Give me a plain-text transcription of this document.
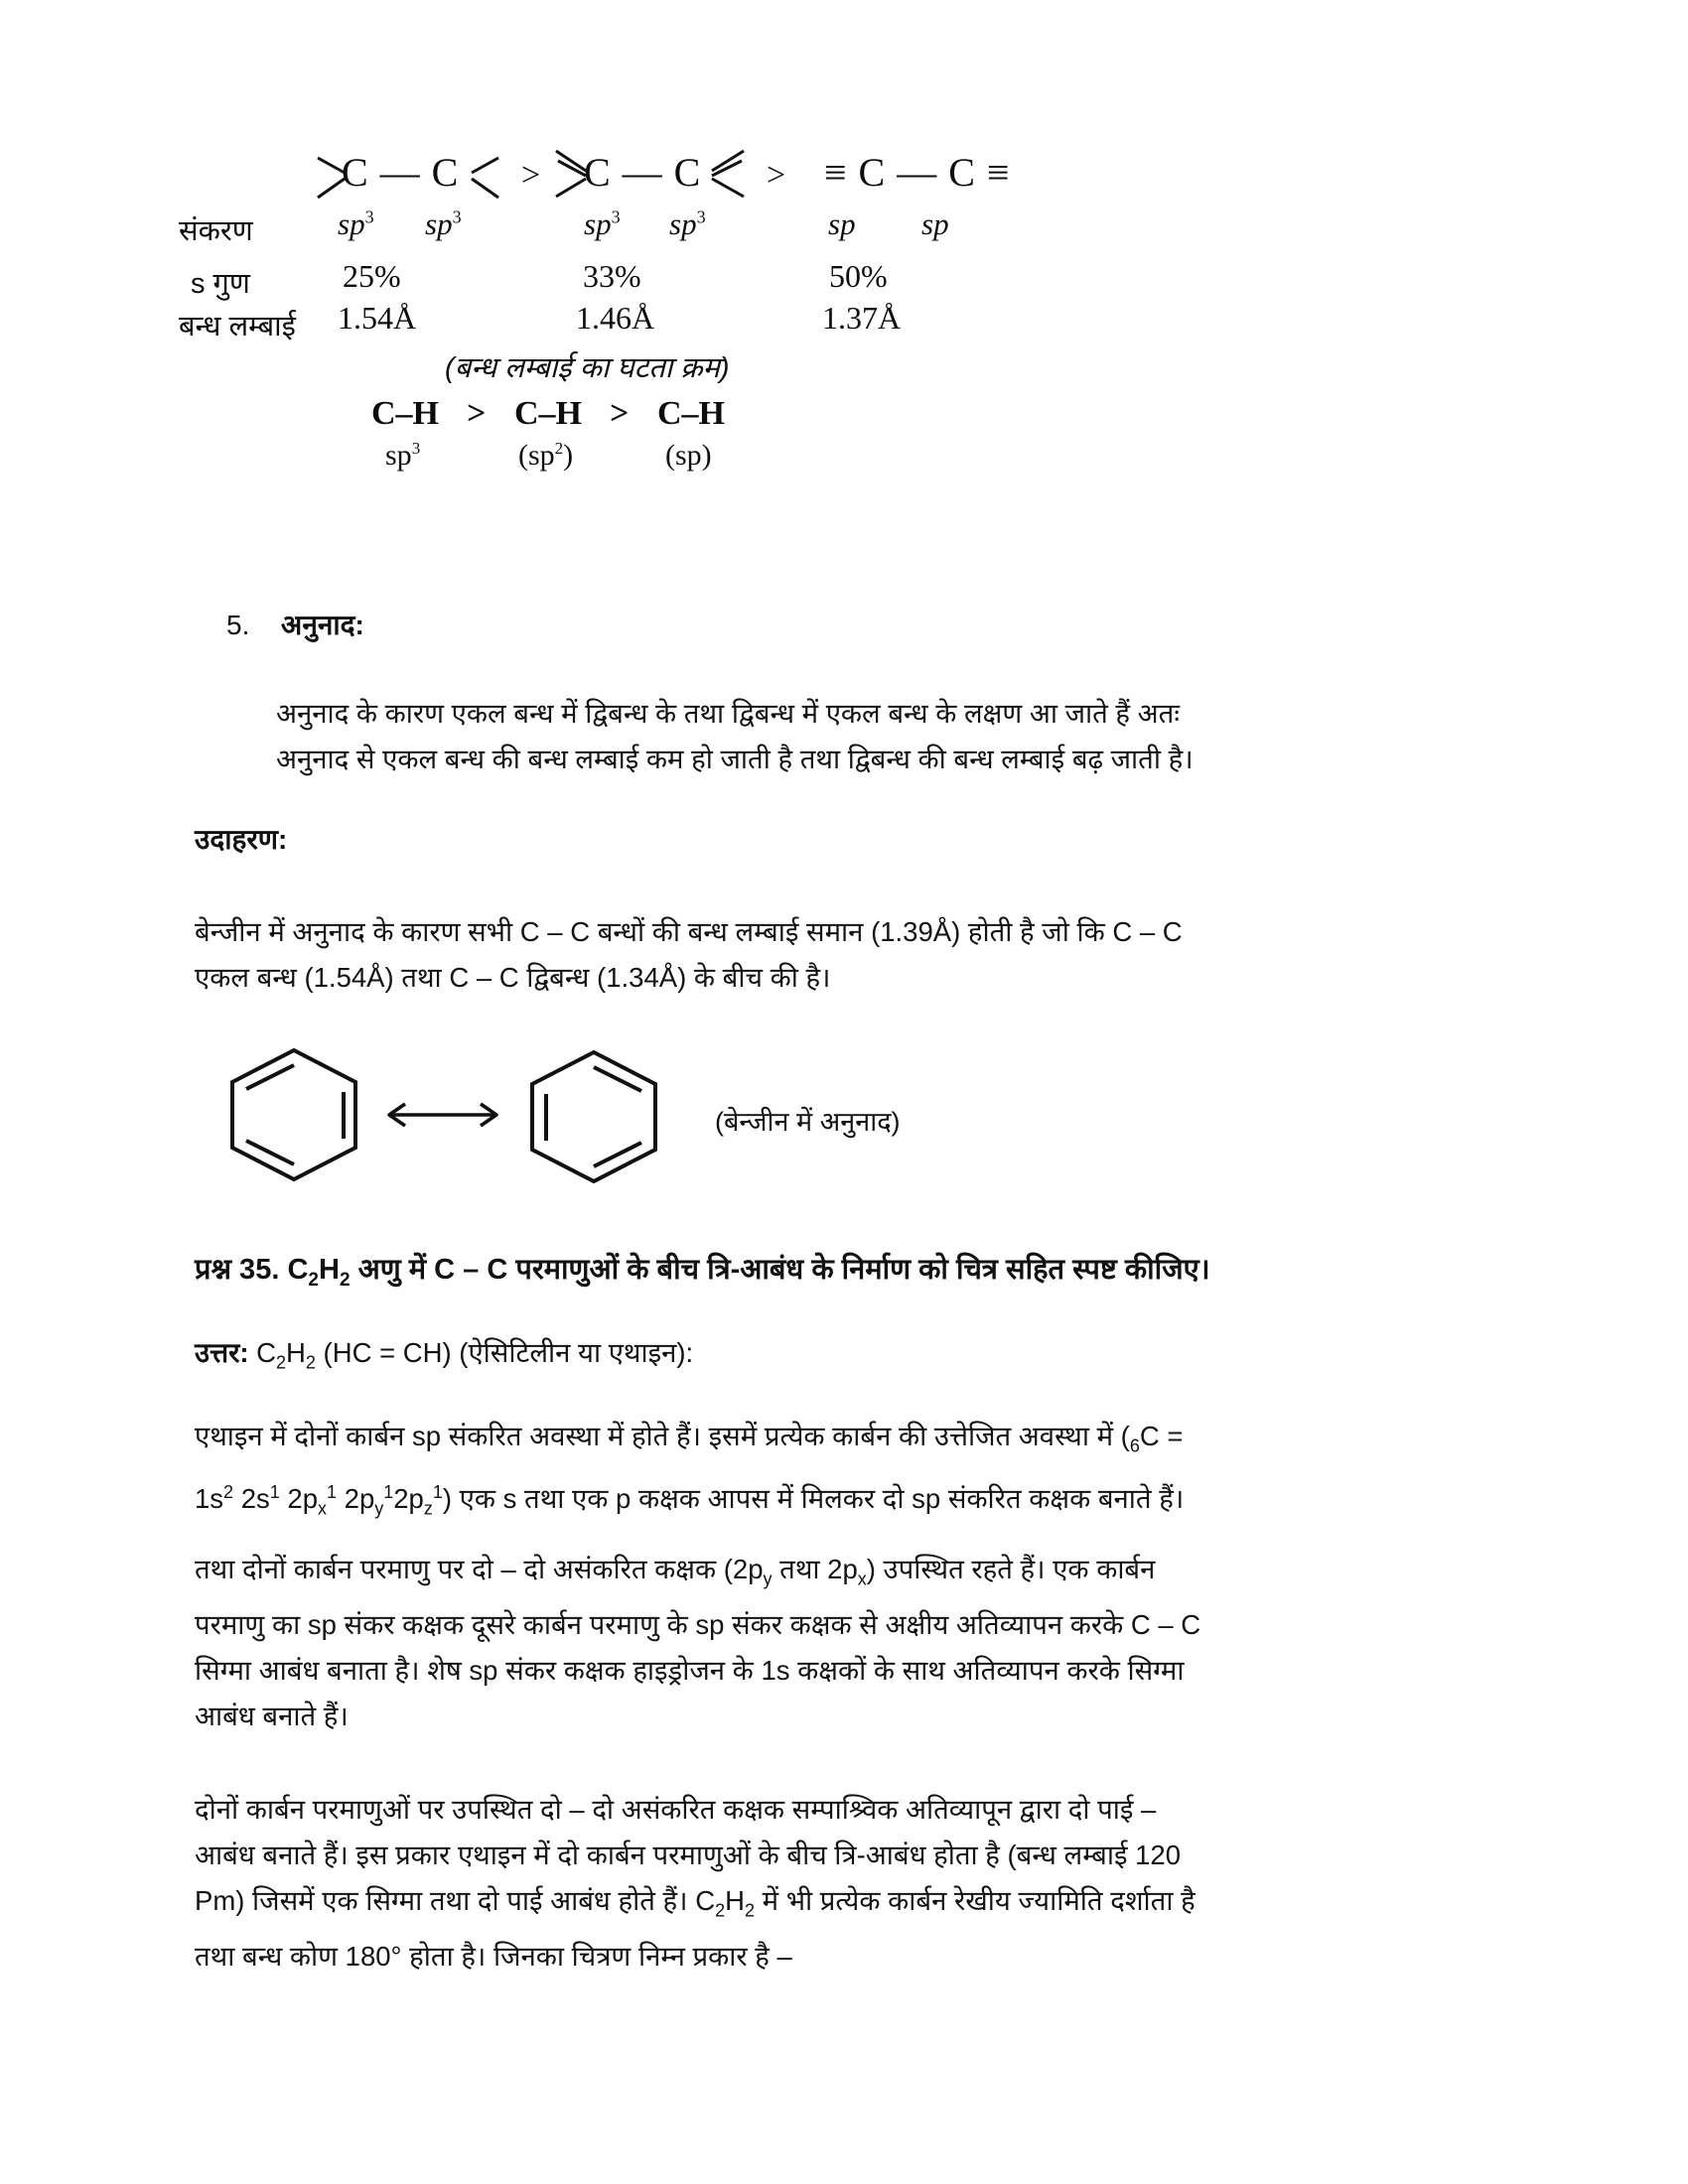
C — C > C — C > ≡ C — C ≡
संकरण	$sp^3$ $sp^3$	$sp^3$ $sp^3$	sp sp
s गुण	25%	33%	50%
बन्ध लम्बाई 1.54Å	1.46Å	1.37Å
(बन्ध लम्बाई का घटता क्रम)
C–H > C–H > C–H
$sp^3$	$(sp^2)$	(sp)
5. अनुनाद:
अनुनाद के कारण एकल बन्ध में द्विबन्ध के तथा द्विबन्ध में एकल बन्ध के लक्षण आ जाते हैं अतः
अनुनाद से एकल बन्ध की बन्ध लम्बाई कम हो जाती है तथा द्विबन्ध की बन्ध लम्बाई बढ़ जाती है।
उदाहरण:
बेन्जीन में अनुनाद के कारण सभी C – C बन्धों की बन्ध लम्बाई समान (1.39Å) होती है जो कि C – C
एकल बन्ध (1.54Å) तथा C – C द्विबन्ध (1.34Å) के बीच की है।
(बेन्जीन में अनुनाद)
प्रश्न 35. $C_2H_2$ अणु में C – C परमाणुओं के बीच त्रि-आबंध के निर्माण को चित्र सहित स्पष्ट कीजिए।
उत्तर: $C_2H_2$ (HC = CH) (ऐसिटिलीन या एथाइन):
एथाइन में दोनों कार्बन sp संकरित अवस्था में होते हैं। इसमें प्रत्येक कार्बन की उत्तेजित अवस्था में ($_6C$ =
$1s^2$ $2s^1$ $2p_x^1$ $2p_y^12p_z^1$) एक s तथा एक p कक्षक आपस में मिलकर दो sp संकरित कक्षक बनाते हैं।
तथा दोनों कार्बन परमाणु पर दो – दो असंकरित कक्षक ($2p_y$ तथा $2p_x$) उपस्थित रहते हैं। एक कार्बन
परमाणु का sp संकर कक्षक दूसरे कार्बन परमाणु के sp संकर कक्षक से अक्षीय अतिव्यापन करके C – C
सिग्मा आबंध बनाता है। शेष sp संकर कक्षक हाइड्रोजन के 1s कक्षकों के साथ अतिव्यापन करके सिग्मा
आबंध बनाते हैं।
दोनों कार्बन परमाणुओं पर उपस्थित दो – दो असंकरित कक्षक सम्पाश्र्विक अतिव्यापून द्वारा दो पाई –
आबंध बनाते हैं। इस प्रकार एथाइन में दो कार्बन परमाणुओं के बीच त्रि-आबंध होता है (बन्ध लम्बाई 120
Pm) जिसमें एक सिग्मा तथा दो पाई आबंध होते हैं। $C_2H_2$ में भी प्रत्येक कार्बन रेखीय ज्यामिति दर्शाता है
तथा बन्ध कोण 180° होता है। जिनका चित्रण निम्न प्रकार है –
